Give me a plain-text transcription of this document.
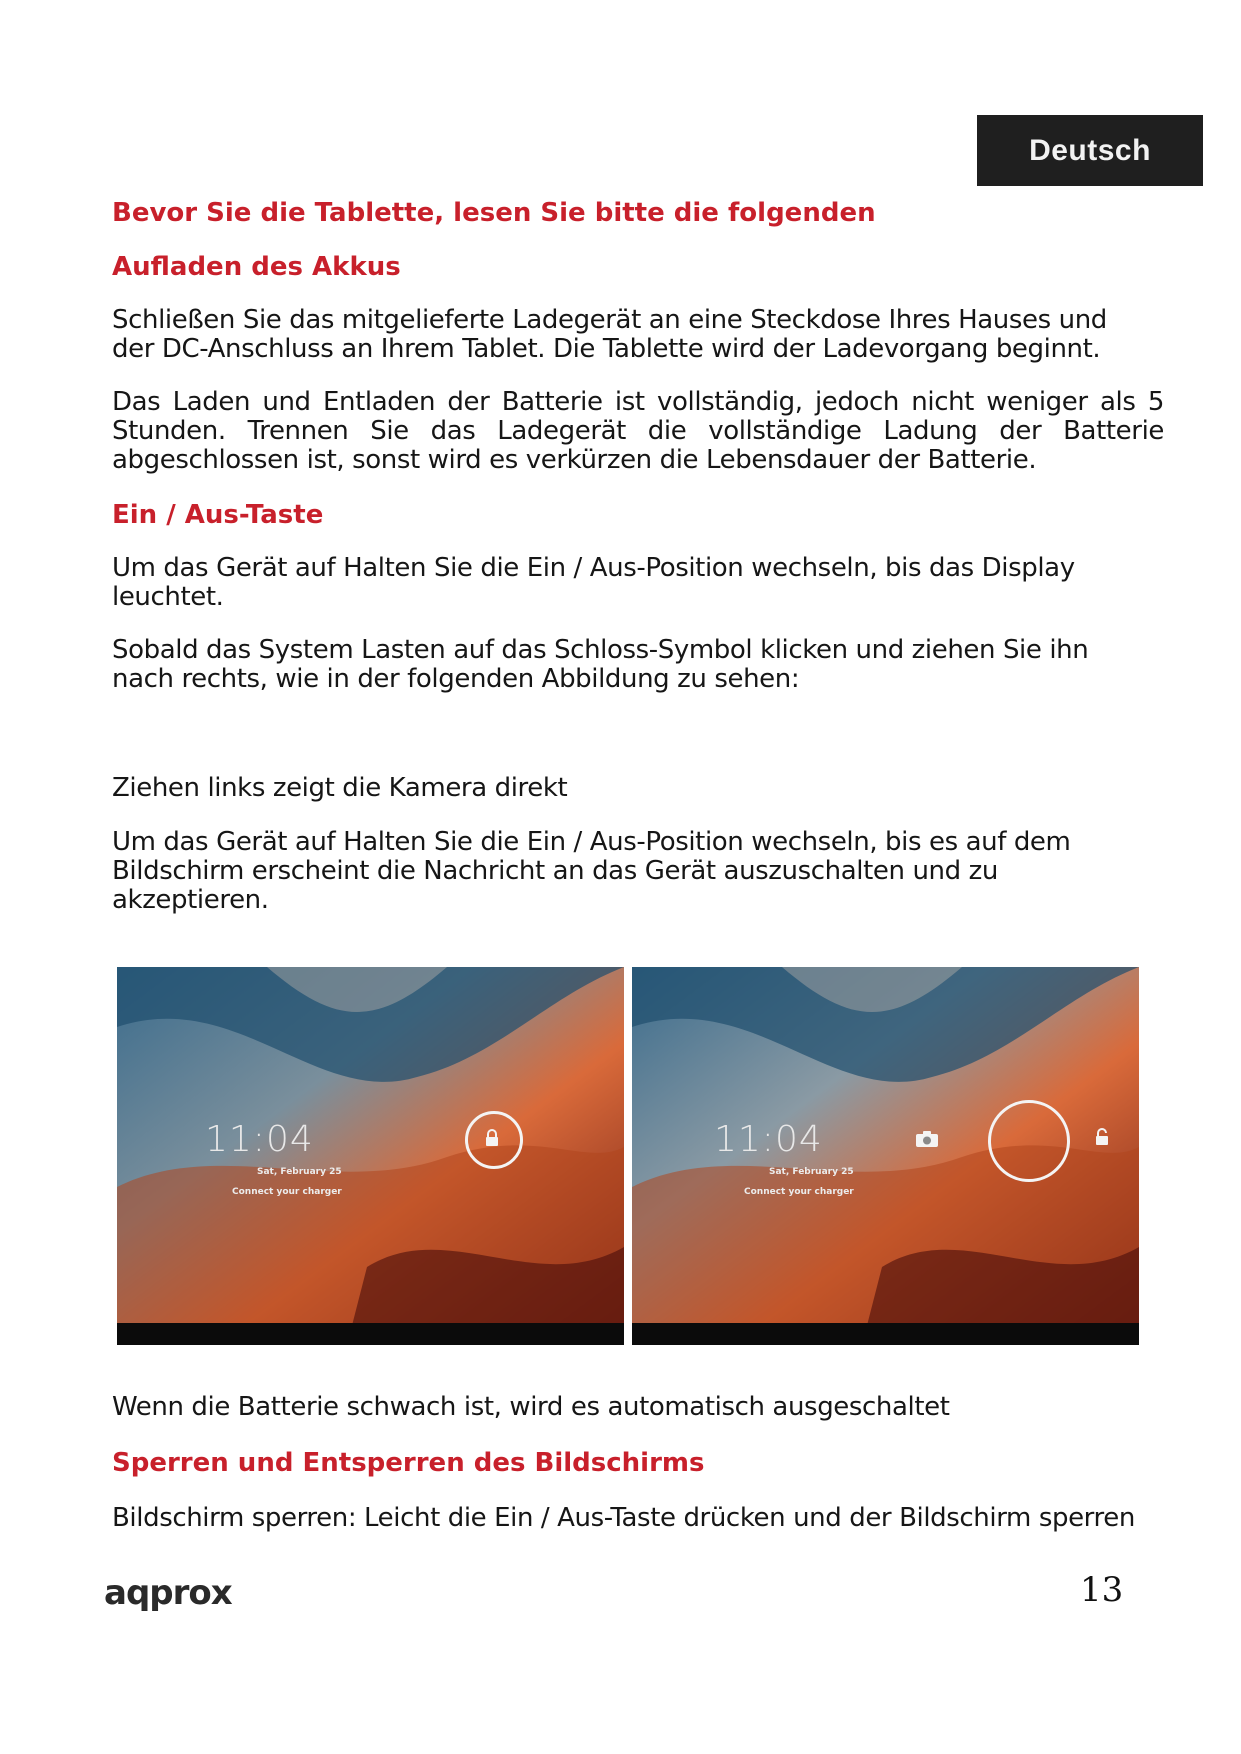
Deutsch
Bevor Sie die Tablette, lesen Sie bitte die folgenden
Aufladen des Akkus

Schließen Sie das mitgelieferte Ladegerät an eine Steckdose Ihres Hauses und der DC-Anschluss an Ihrem Tablet. Die Tablette wird der Ladevorgang beginnt.

Das Laden und Entladen der Batterie ist vollständig, jedoch nicht weniger als 5 Stunden. Trennen Sie das Ladegerät die vollständige Ladung der Batterie abgeschlossen ist, sonst wird es verkürzen die Lebensdauer der Batterie.

Ein / Aus-Taste

Um das Gerät auf Halten Sie die Ein / Aus-Position wechseln, bis das Display leuchtet.

Sobald das System Lasten auf das Schloss-Symbol klicken und ziehen Sie ihn nach rechts, wie in der folgenden Abbildung zu sehen:

Ziehen links zeigt die Kamera direkt

Um das Gerät auf Halten Sie die Ein / Aus-Position wechseln, bis es auf dem Bildschirm erscheint die Nachricht an das Gerät auszuschalten und zu akzeptieren.

11:04
Sat, February 25
Connect your charger
11:04
Sat, February 25
Connect your charger

Wenn die Batterie schwach ist, wird es automatisch ausgeschaltet

Sperren und Entsperren des Bildschirms

Bildschirm sperren: Leicht die Ein / Aus-Taste drücken und der Bildschirm sperren

aqprox	13
